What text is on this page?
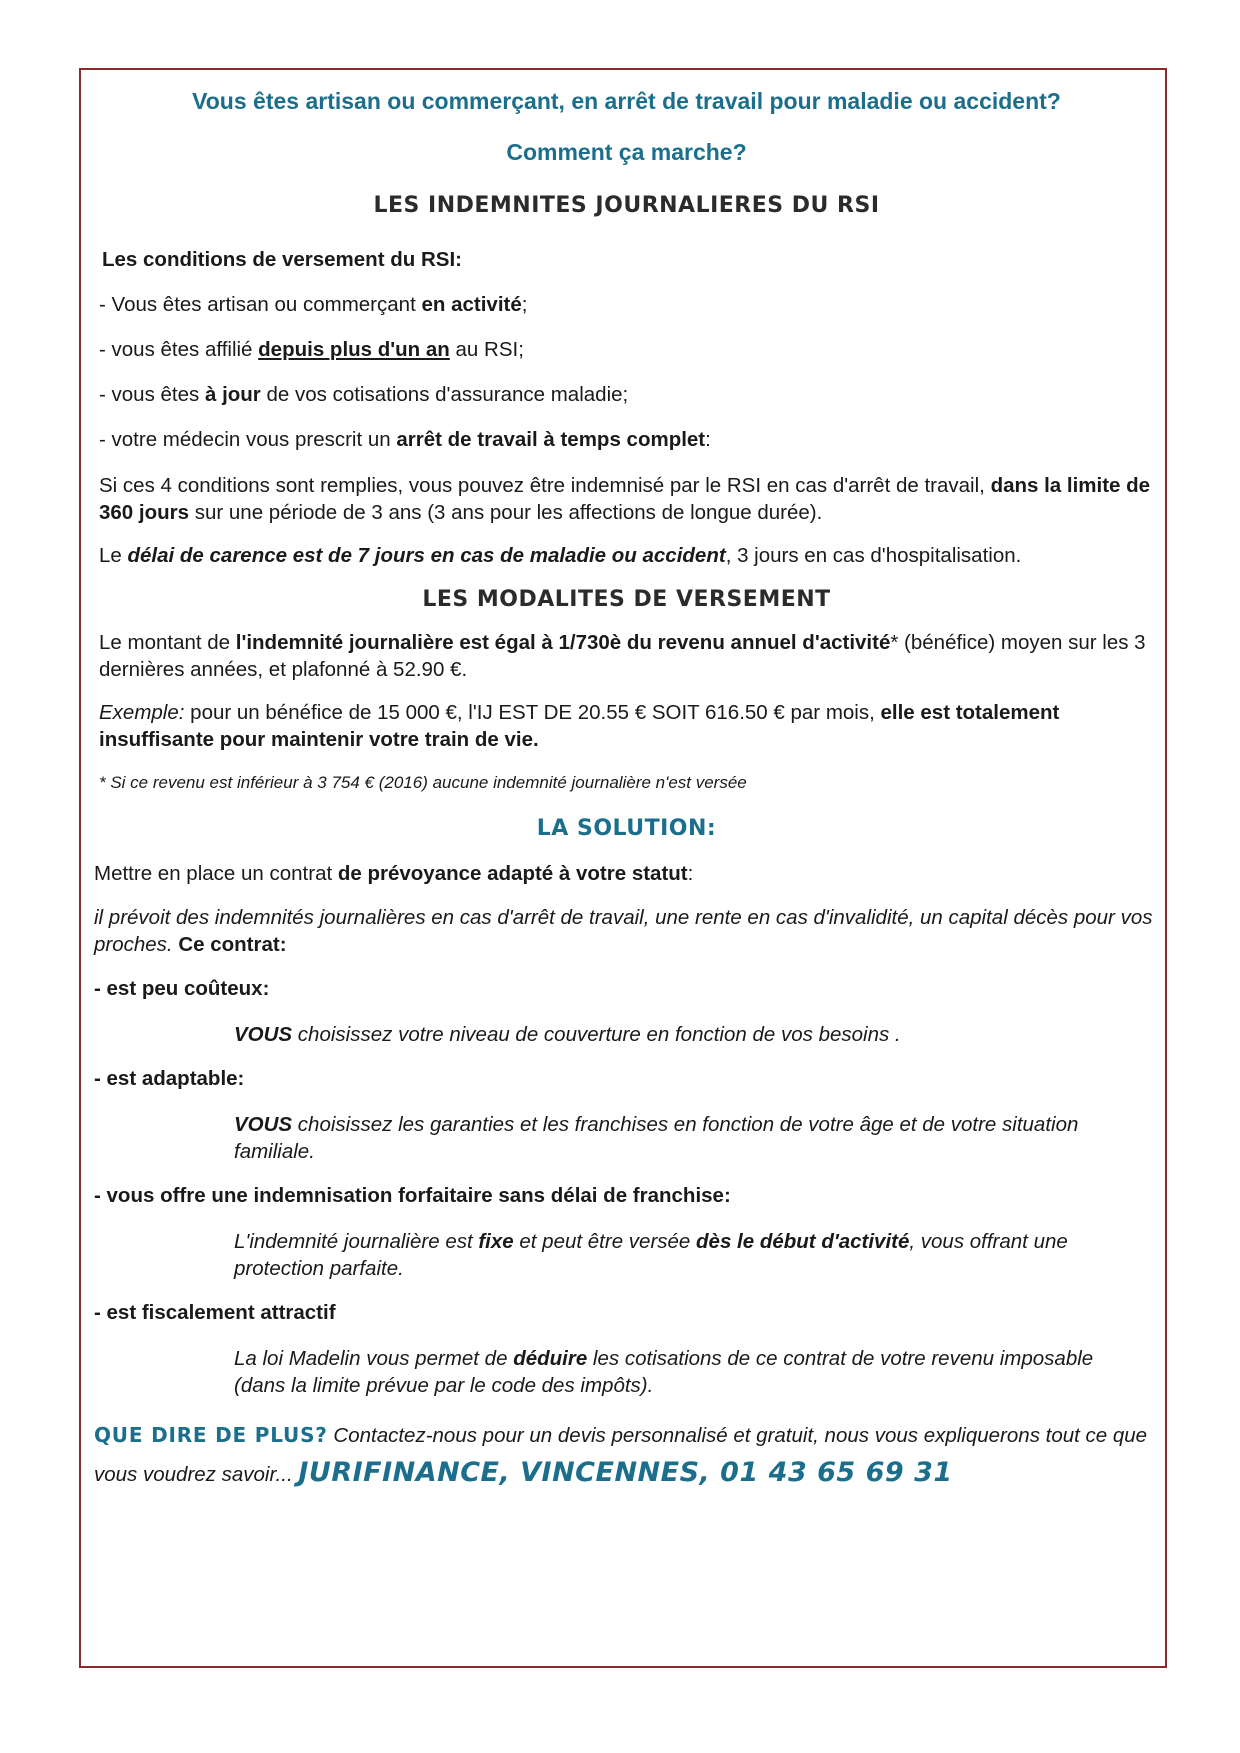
Vous êtes artisan ou commerçant, en arrêt de travail pour maladie ou accident?

Comment ça marche?

LES INDEMNITES JOURNALIERES DU RSI

Les conditions de versement du RSI:

- Vous êtes artisan ou commerçant en activité;

- vous êtes affilié depuis plus d'un an au RSI;

- vous êtes à jour de vos cotisations d'assurance maladie;

- votre médecin vous prescrit un arrêt de travail à temps complet:

Si ces 4 conditions sont remplies, vous pouvez être indemnisé par le RSI en cas d'arrêt de travail, dans la limite de 360 jours sur une période de 3 ans (3 ans pour les affections de longue durée).

Le délai de carence est de 7 jours en cas de maladie ou accident, 3 jours en cas d'hospitalisation.

LES MODALITES DE VERSEMENT

Le montant de l'indemnité journalière est égal à 1/730è du revenu annuel d'activité* (bénéfice) moyen sur les 3 dernières années, et plafonné à 52.90 €.

Exemple: pour un bénéfice de 15 000 €, l'IJ EST DE 20.55 € SOIT 616.50 € par mois, elle est totalement insuffisante pour maintenir votre train de vie.

* Si ce revenu est inférieur à 3 754 € (2016) aucune indemnité journalière n'est versée

LA SOLUTION:

Mettre en place un contrat de prévoyance adapté à votre statut:

il prévoit des indemnités journalières en cas d'arrêt de travail, une rente en cas d'invalidité, un capital décès pour vos proches. Ce contrat:

- est peu coûteux:

VOUS choisissez votre niveau de couverture en fonction de vos besoins .

- est adaptable:

VOUS choisissez les garanties et les franchises en fonction de votre âge et de votre situation familiale.

- vous offre une indemnisation forfaitaire sans délai de franchise:

L'indemnité journalière est fixe et peut être versée dès le début d'activité, vous offrant une protection parfaite.

- est fiscalement attractif

La loi Madelin vous permet de déduire les cotisations de ce contrat de votre revenu imposable (dans la limite prévue par le code des impôts).

QUE DIRE DE PLUS? Contactez-nous pour un devis personnalisé et gratuit, nous vous expliquerons tout ce que vous voudrez savoir... JURIFINANCE, VINCENNES, 01 43 65 69 31
